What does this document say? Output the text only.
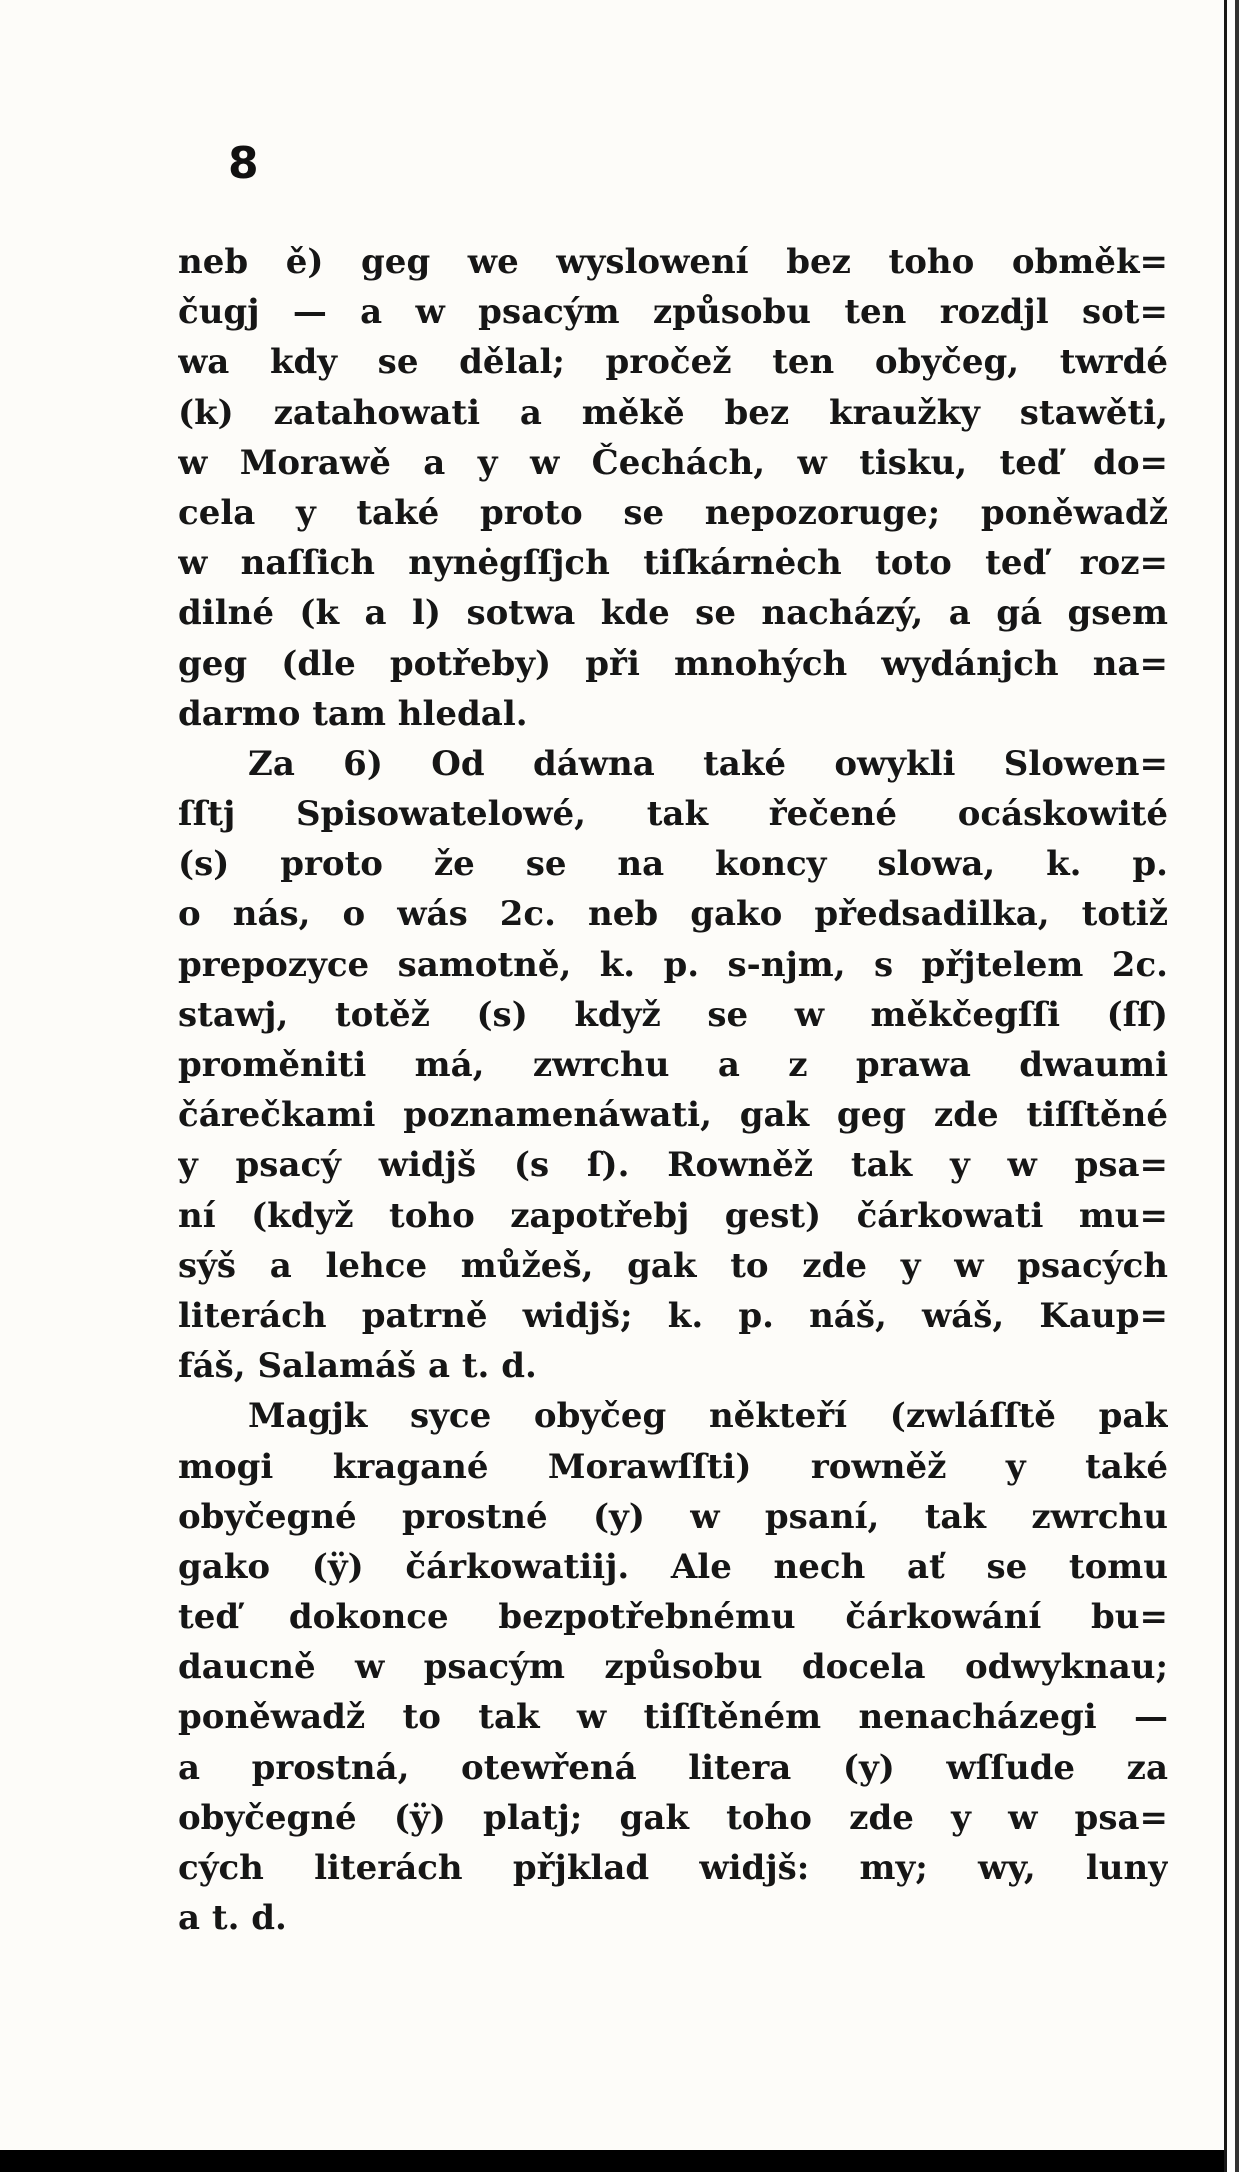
8
neb ě) geg we wyslowení bez toho obměk=
čugj — a w psacým způsobu ten rozdjl sot=
wa kdy se dělal; pročež ten obyčeg, twrdé
(k) zatahowati a měkě bez kraužky stawěti,
w Morawě a y w Čechách, w tisku, teď do=
cela y také proto se nepozoruge; poněwadž
w naſſich nynėgſſjch tiſkárnėch toto teď roz=
dilné (k a l) sotwa kde se nacházý, a gá gsem
geg (dle potřeby) při mnohých wydánjch na=
darmo tam hledal.
Za 6) Od dáwna také owykli Slowen=
ſſtj Spisowatelowé, tak řečené ocáskowité
(s) proto že se na koncy slowa, k. p.
o nás, o wás 2c. neb gako předsadilka, totiž
prepozyce samotně, k. p. s-njm, s přjtelem 2c.
stawj, totěž (s) když se w měkčegſſi (ſſ)
proměniti má, zwrchu a z prawa dwaumi
čárečkami poznamenáwati, gak geg zde tiſſtěné
y psacý widjš (s ſ). Rowněž tak y w psa=
ní (když toho zapotřebj gest) čárkowati mu=
sýš a lehce můžeš, gak to zde y w psacých
literách patrně widjš; k. p. náš, wáš, Kaup=
fáš, Salamáš a t. d.
Magjk syce obyčeg někteří (zwláſſtě pak
mogi kragané Morawſſti) rowněž y také
obyčegné prostné (y) w psaní, tak zwrchu
gako (ÿ) čárkowatiij. Ale nech ať se tomu
teď dokonce bezpotřebnému čárkowání bu=
daucně w psacým způsobu docela odwyknau;
poněwadž to tak w tiſſtěném nenacházegi —
a prostná, otewřená litera (y) wſſude za
obyčegné (ÿ) platj; gak toho zde y w psa=
cých literách přjklad widjš: my; wy, luny
a t. d.
